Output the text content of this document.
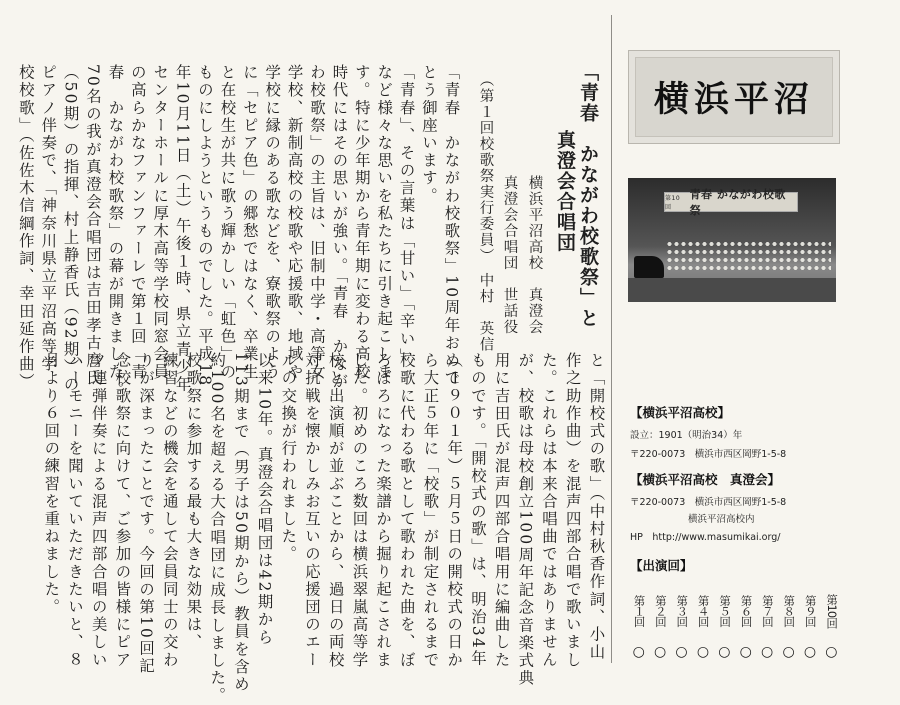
「青春　かながわ校歌祭」と
真澄会合唱団
横浜平沼高校　真澄会
真澄会合唱団　世話役
（第１回校歌祭実行委員）　中村　英信
「青春　かながわ校歌祭」10周年おめで
とう御座います。
「青春」、その言葉は「甘い」「辛い」
など様々な思いを私たちに引き起こしま
す。特に少年期から青年期に変わる高校
時代にはその思いが強い。「青春　かなが
わ校歌祭」の主旨は、旧制中学・高等女
学校、新制高校の校歌や応援歌、地域や
学校に縁のある歌などを、寮歌祭のよう
に「セピア色」の郷愁ではなく、卒業生
と在校生が共に歌う輝かしい「虹色」の
ものにしようというものでした。平成18
年10月11日（土）午後１時、県立青少年
センターホールに厚木高等学校同窓会員
の高らかなファンファーレで第１回「青
春　かながわ校歌祭」の幕が開きました。
70名の我が真澄会合唱団は吉田孝古麿氏
（50期）の指揮、村上静香氏（92期）の
ピアノ伴奏で、「神奈川県立平沼高等学
校校歌」（佐佐木信綱作詞、幸田延作曲）
と「開校式の歌」（中村秋香作詞、小山
作之助作曲）を混声四部合唱で歌いまし
た。これらは本来合唱曲ではありません
が、校歌は母校創立100周年記念音楽式典
用に吉田氏が混声四部合唱用に編曲した
ものです。「開校式の歌」は、明治34年
（１９０１年）５月５日の開校式の日か
ら大正５年に「校歌」が制定されるまで
校歌に代わる歌として歌われた曲を、ぼ
ろぼろになった楽譜から掘り起こされま
した。初めのころ数回は横浜翠嵐高等学
校と出演順が並ぶことから、過日の両校
対抗戦を懐かしみお互いの応援団のエー
ルの交換が行われました。
以来10年。真澄会合唱団は42期から
113期まで（男子は50期から）教員を含め
約100名を超える大合唱団に成長しました。
校歌祭に参加する最も大きな効果は、
練習などの機会を通して会員同士の交わ
りが深まったことです。今回の第10回記
念校歌祭に向けて、ご参加の皆様にピア
ノ連弾伴奏による混声四部合唱の美しい
ハーモニーを聞いていただきたいと、８
月より６回の練習を重ねました。
横浜平沼
第10回
青春 かながわ校歌祭
【横浜平沼高校】
設立：1901（明治34）年
〒220-0073　横浜市西区岡野1-5-8
【横浜平沼高校　真澄会】
〒220-0073　横浜市西区岡野1-5-8
横浜平沼高校内
HP　http://www.masumikai.org/
【出演回】
第１回
○
第２回
○
第３回
○
第４回
○
第５回
○
第６回
○
第７回
○
第８回
○
第９回
○
第10回
○
